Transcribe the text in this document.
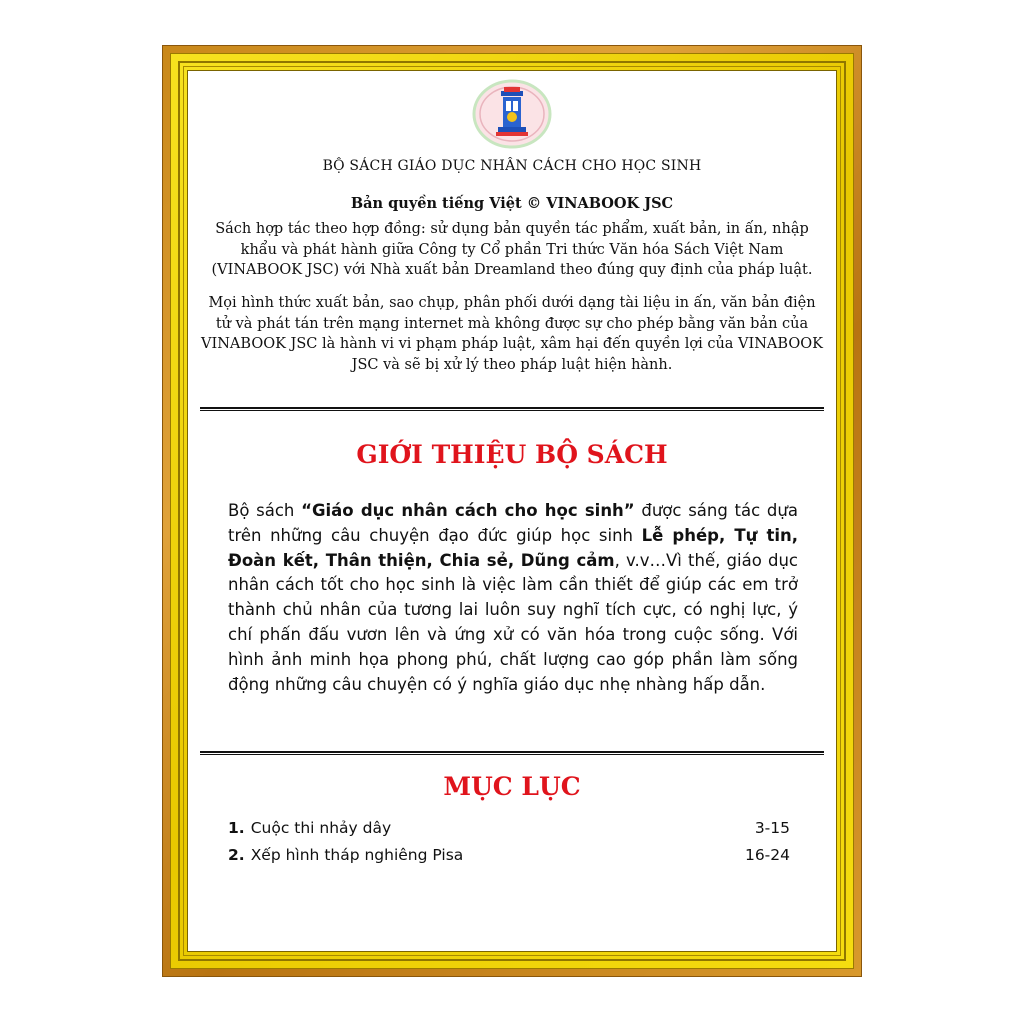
BỘ SÁCH GIÁO DỤC NHÂN CÁCH CHO HỌC SINH
Bản quyền tiếng Việt © VINABOOK JSC
Sách hợp tác theo hợp đồng: sử dụng bản quyền tác phẩm, xuất bản, in ấn, nhập khẩu và phát hành giữa Công ty Cổ phần Tri thức Văn hóa Sách Việt Nam (VINABOOK JSC) với Nhà xuất bản Dreamland theo đúng quy định của pháp luật.
Mọi hình thức xuất bản, sao chụp, phân phối dưới dạng tài liệu in ấn, văn bản điện tử và phát tán trên mạng internet mà không được sự cho phép bằng văn bản của VINABOOK JSC là hành vi vi phạm pháp luật, xâm hại đến quyền lợi của VINABOOK JSC và sẽ bị xử lý theo pháp luật hiện hành.
GIỚI THIỆU BỘ SÁCH
Bộ sách “Giáo dục nhân cách cho học sinh” được sáng tác dựa trên những câu chuyện đạo đức giúp học sinh Lễ phép, Tự tin, Đoàn kết, Thân thiện, Chia sẻ, Dũng cảm, v.v…Vì thế, giáo dục nhân cách tốt cho học sinh là việc làm cần thiết để giúp các em trở thành chủ nhân của tương lai luôn suy nghĩ tích cực, có nghị lực, ý chí phấn đấu vươn lên và ứng xử có văn hóa trong cuộc sống. Với hình ảnh minh họa phong phú, chất lượng cao góp phần làm sống động những câu chuyện có ý nghĩa giáo dục nhẹ nhàng hấp dẫn.
MỤC LỤC
1. Cuộc thi nhảy dây	3-15
2. Xếp hình tháp nghiêng Pisa	16-24
